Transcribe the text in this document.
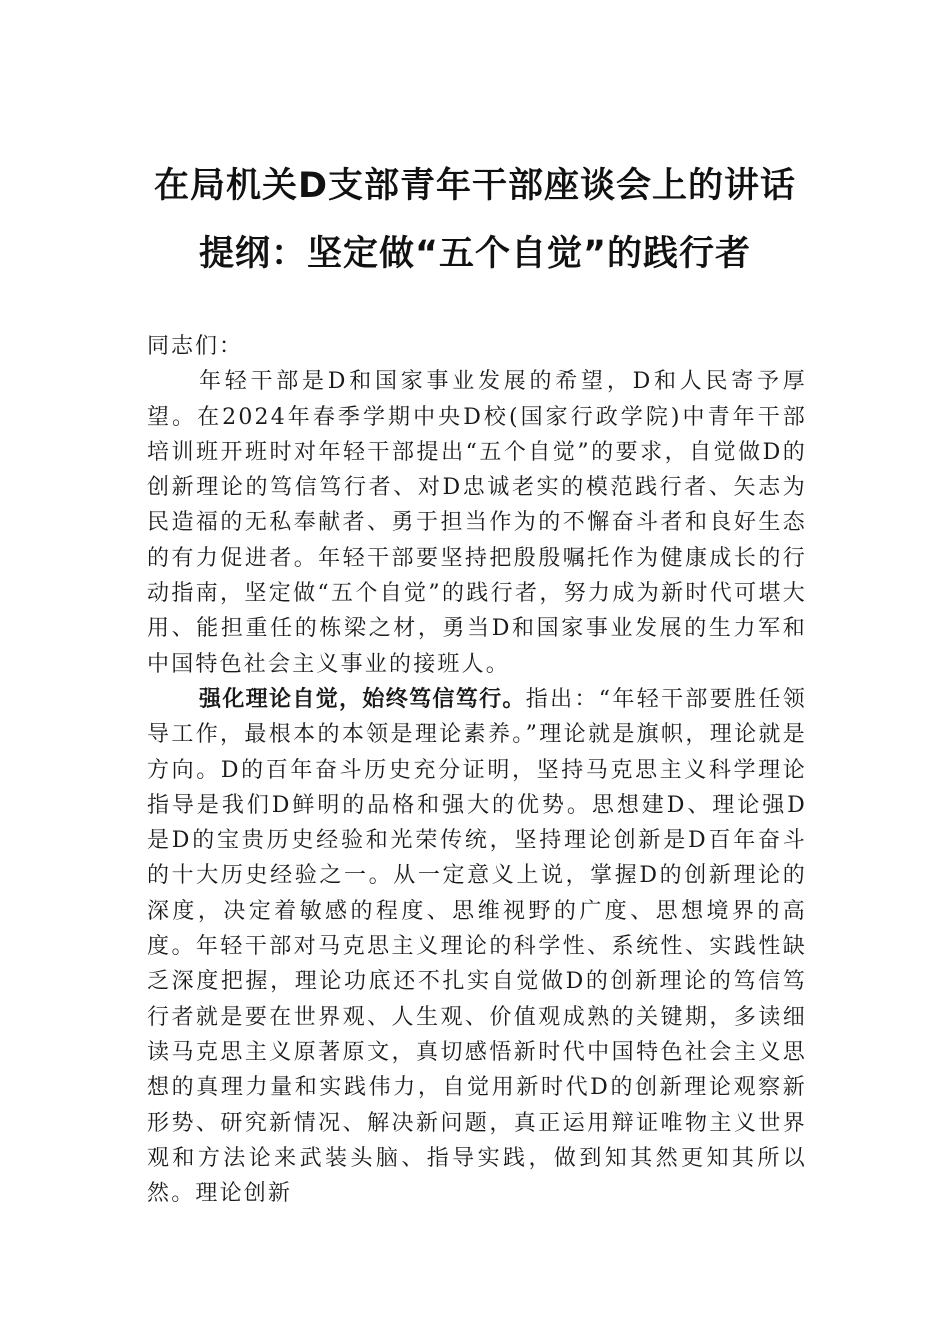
在局机关D支部青年干部座谈会上的讲话
提纲：坚定做“五个自觉”的践行者

同志们：

年轻干部是D和国家事业发展的希望，D和人民寄予厚望。在2024年春季学期中央D校(国家行政学院)中青年干部培训班开班时对年轻干部提出“五个自觉”的要求，自觉做D的创新理论的笃信笃行者、对D忠诚老实的模范践行者、矢志为民造福的无私奉献者、勇于担当作为的不懈奋斗者和良好生态的有力促进者。年轻干部要坚持把殷殷嘱托作为健康成长的行动指南，坚定做“五个自觉”的践行者，努力成为新时代可堪大用、能担重任的栋梁之材，勇当D和国家事业发展的生力军和中国特色社会主义事业的接班人。

强化理论自觉，始终笃信笃行。指出：“年轻干部要胜任领导工作，最根本的本领是理论素养。”理论就是旗帜，理论就是方向。D的百年奋斗历史充分证明，坚持马克思主义科学理论指导是我们D鲜明的品格和强大的优势。思想建D、理论强D是D的宝贵历史经验和光荣传统，坚持理论创新是D百年奋斗的十大历史经验之一。从一定意义上说，掌握D的创新理论的深度，决定着敏感的程度、思维视野的广度、思想境界的高度。年轻干部对马克思主义理论的科学性、系统性、实践性缺乏深度把握，理论功底还不扎实自觉做D的创新理论的笃信笃行者就是要在世界观、人生观、价值观成熟的关键期，多读细读马克思主义原著原文，真切感悟新时代中国特色社会主义思想的真理力量和实践伟力，自觉用新时代D的创新理论观察新形势、研究新情况、解决新问题，真正运用辩证唯物主义世界观和方法论来武装头脑、指导实践，做到知其然更知其所以然。理论创新
